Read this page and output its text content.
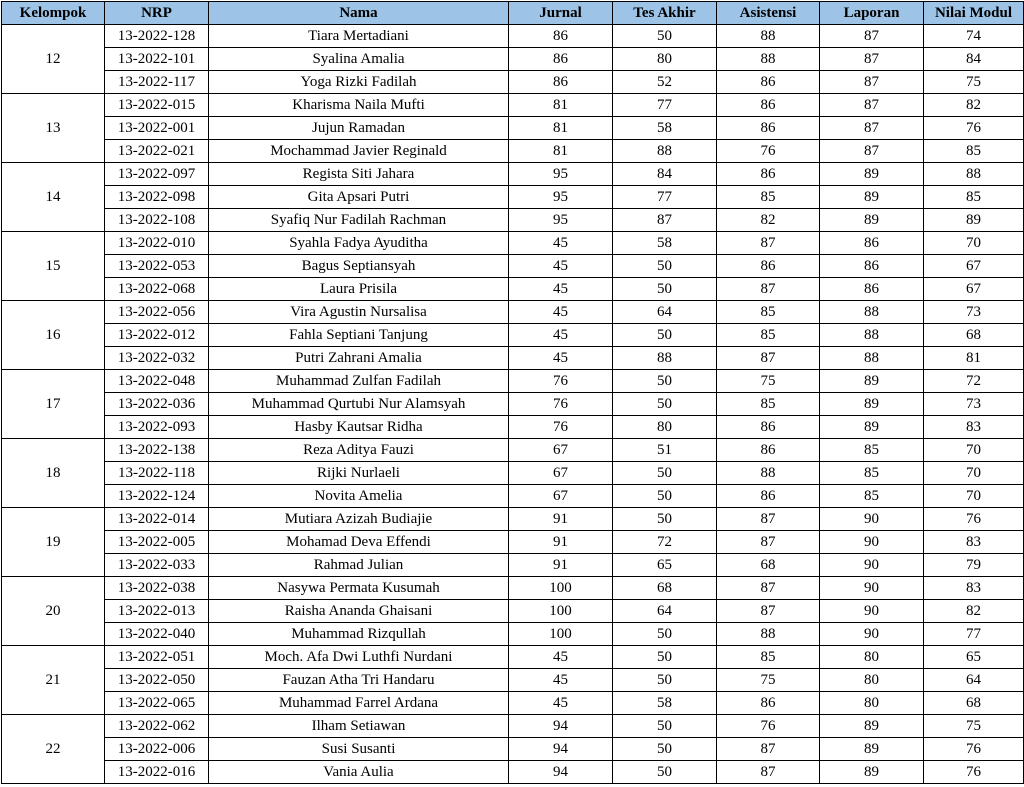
Kelompok	NRP	Nama	Jurnal	Tes Akhir	Asistensi	Laporan	Nilai Modul
12	13-2022-128	Tiara Mertadiani	86	50	88	87	74
	13-2022-101	Syalina Amalia	86	80	88	87	84
	13-2022-117	Yoga Rizki Fadilah	86	52	86	87	75
13	13-2022-015	Kharisma Naila Mufti	81	77	86	87	82
	13-2022-001	Jujun Ramadan	81	58	86	87	76
	13-2022-021	Mochammad Javier Reginald	81	88	76	87	85
14	13-2022-097	Regista Siti Jahara	95	84	86	89	88
	13-2022-098	Gita Apsari Putri	95	77	85	89	85
	13-2022-108	Syafiq Nur Fadilah Rachman	95	87	82	89	89
15	13-2022-010	Syahla Fadya Ayuditha	45	58	87	86	70
	13-2022-053	Bagus Septiansyah	45	50	86	86	67
	13-2022-068	Laura Prisila	45	50	87	86	67
16	13-2022-056	Vira Agustin Nursalisa	45	64	85	88	73
	13-2022-012	Fahla Septiani Tanjung	45	50	85	88	68
	13-2022-032	Putri Zahrani Amalia	45	88	87	88	81
17	13-2022-048	Muhammad Zulfan Fadilah	76	50	75	89	72
	13-2022-036	Muhammad Qurtubi Nur Alamsyah	76	50	85	89	73
	13-2022-093	Hasby Kautsar Ridha	76	80	86	89	83
18	13-2022-138	Reza Aditya Fauzi	67	51	86	85	70
	13-2022-118	Rijki Nurlaeli	67	50	88	85	70
	13-2022-124	Novita Amelia	67	50	86	85	70
19	13-2022-014	Mutiara Azizah Budiajie	91	50	87	90	76
	13-2022-005	Mohamad Deva Effendi	91	72	87	90	83
	13-2022-033	Rahmad Julian	91	65	68	90	79
20	13-2022-038	Nasywa Permata Kusumah	100	68	87	90	83
	13-2022-013	Raisha Ananda Ghaisani	100	64	87	90	82
	13-2022-040	Muhammad Rizqullah	100	50	88	90	77
21	13-2022-051	Moch. Afa Dwi Luthfi Nurdani	45	50	85	80	65
	13-2022-050	Fauzan Atha Tri Handaru	45	50	75	80	64
	13-2022-065	Muhammad Farrel Ardana	45	58	86	80	68
22	13-2022-062	Ilham Setiawan	94	50	76	89	75
	13-2022-006	Susi Susanti	94	50	87	89	76
	13-2022-016	Vania Aulia	94	50	87	89	76
